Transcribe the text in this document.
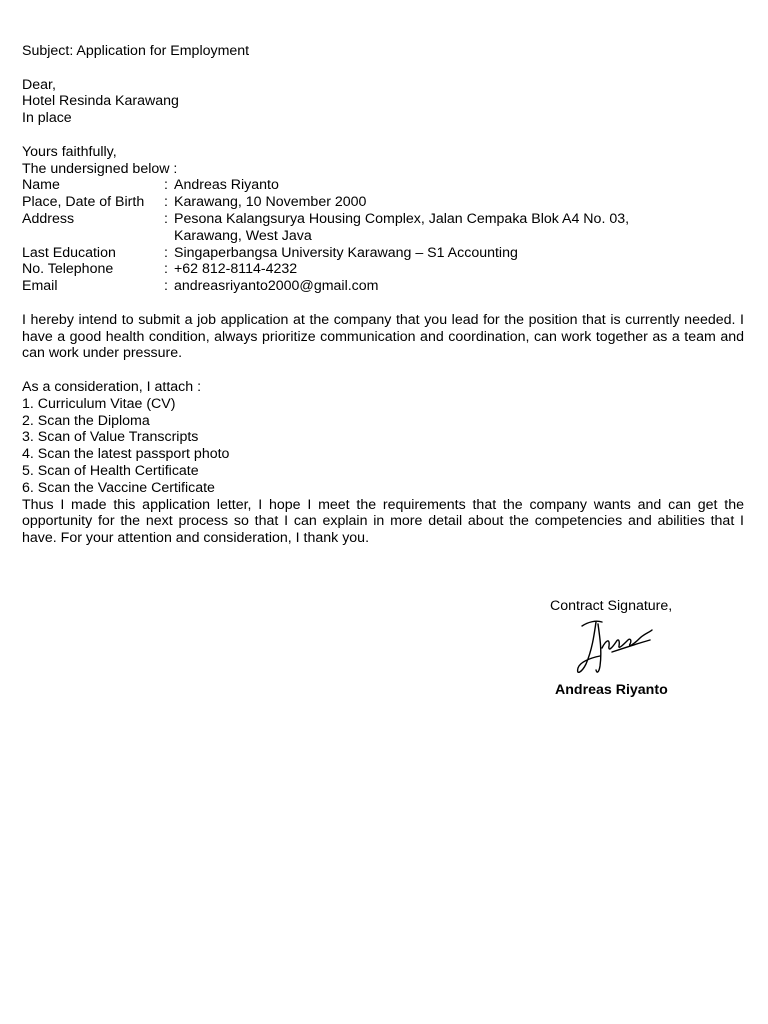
Subject: Application for Employment
Dear,
Hotel Resinda Karawang
In place
Yours faithfully,
The undersigned below :
Name	: Andreas Riyanto
Place, Date of Birth	: Karawang, 10 November 2000
Address	: Pesona Kalangsurya Housing Complex, Jalan Cempaka Blok A4 No. 03,
Karawang, West Java
Last Education	: Singaperbangsa University Karawang – S1 Accounting
No. Telephone	: +62 812-8114-4232
Email	: andreasriyanto2000@gmail.com
I hereby intend to submit a job application at the company that you lead for the position that is currently needed. I have a good health condition, always prioritize communication and coordination, can work together as a team and can work under pressure.
As a consideration, I attach :
1. Curriculum Vitae (CV)
2. Scan the Diploma
3. Scan of Value Transcripts
4. Scan the latest passport photo
5. Scan of Health Certificate
6. Scan the Vaccine Certificate
Thus I made this application letter, I hope I meet the requirements that the company wants and can get the opportunity for the next process so that I can explain in more detail about the competencies and abilities that I have. For your attention and consideration, I thank you.
Contract Signature,
Andreas Riyanto
